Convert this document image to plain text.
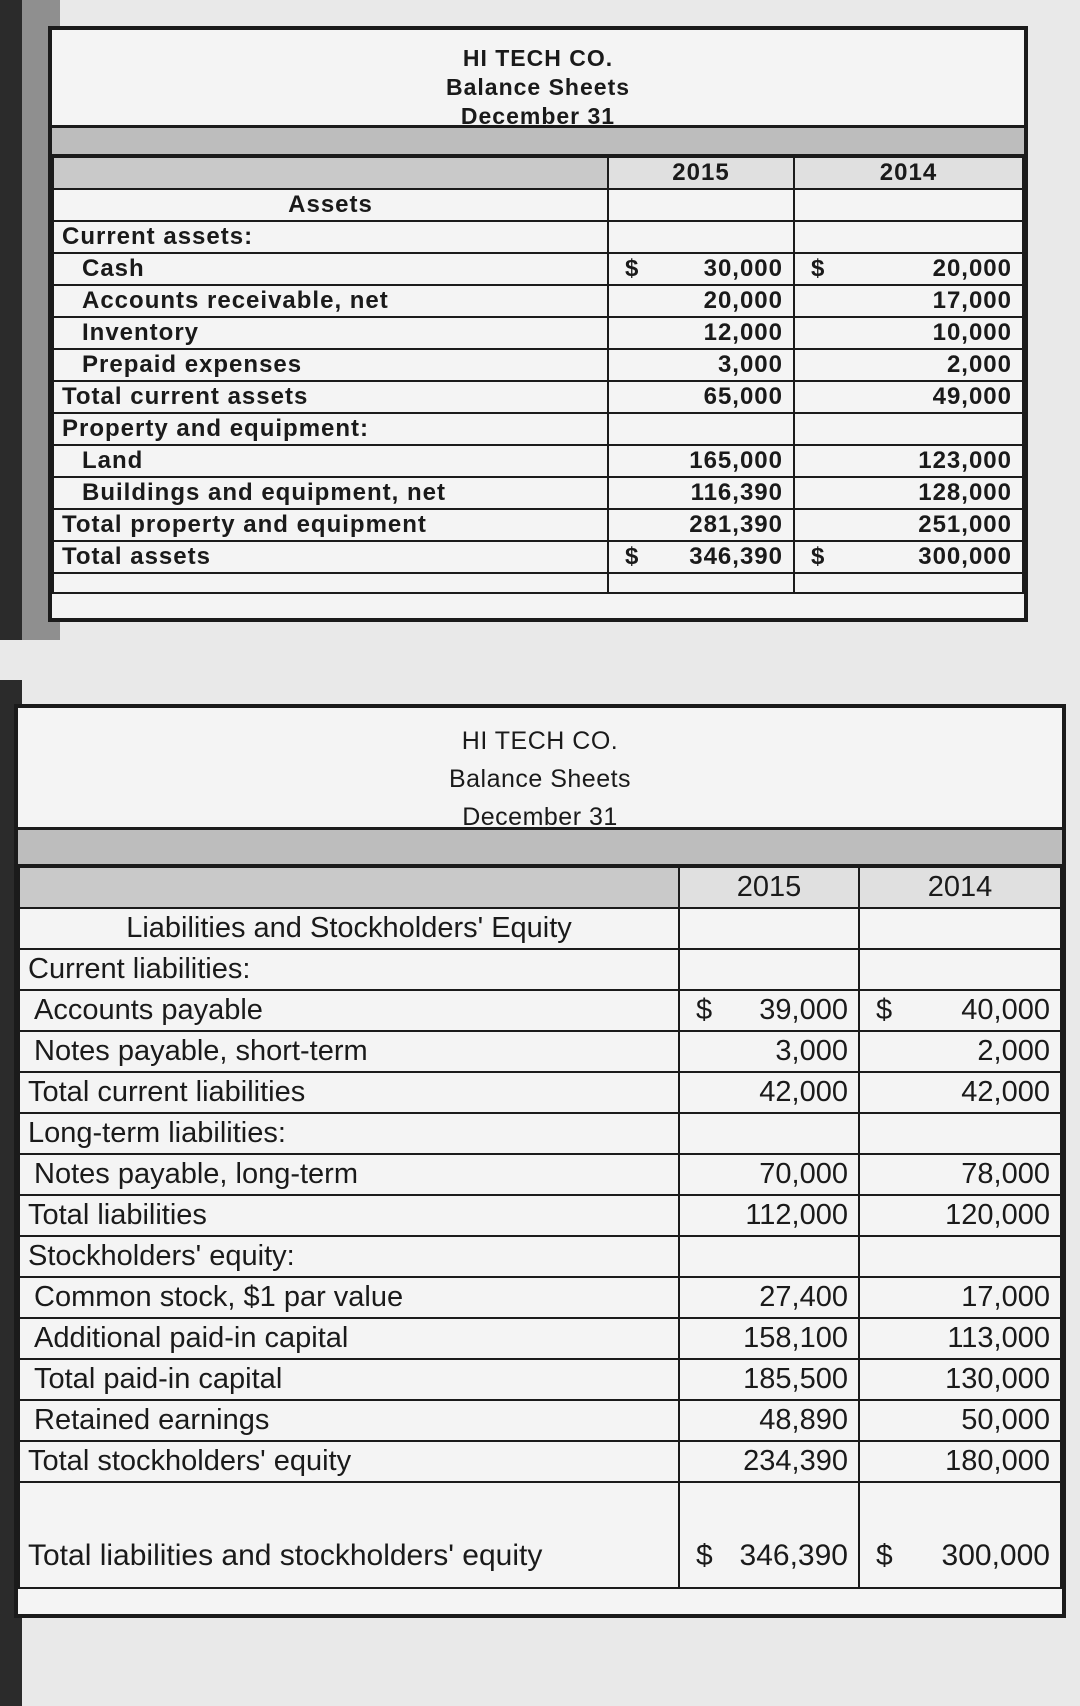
HI TECH CO.
Balance Sheets
December 31
	2015	2014
Assets		
Current assets:		
Cash	$ 30,000	$ 20,000
Accounts receivable, net	20,000	17,000
Inventory	12,000	10,000
Prepaid expenses	3,000	2,000
Total current assets	65,000	49,000
Property and equipment:		
Land	165,000	123,000
Buildings and equipment, net	116,390	128,000
Total property and equipment	281,390	251,000
Total assets	$ 346,390	$ 300,000

HI TECH CO.
Balance Sheets
December 31
	2015	2014
Liabilities and Stockholders' Equity		
Current liabilities:		
Accounts payable	$ 39,000	$ 40,000
Notes payable, short-term	3,000	2,000
Total current liabilities	42,000	42,000
Long-term liabilities:		
Notes payable, long-term	70,000	78,000
Total liabilities	112,000	120,000
Stockholders' equity:		
Common stock, $1 par value	27,400	17,000
Additional paid-in capital	158,100	113,000
Total paid-in capital	185,500	130,000
Retained earnings	48,890	50,000
Total stockholders' equity	234,390	180,000
Total liabilities and stockholders' equity	$ 346,390	$ 300,000
